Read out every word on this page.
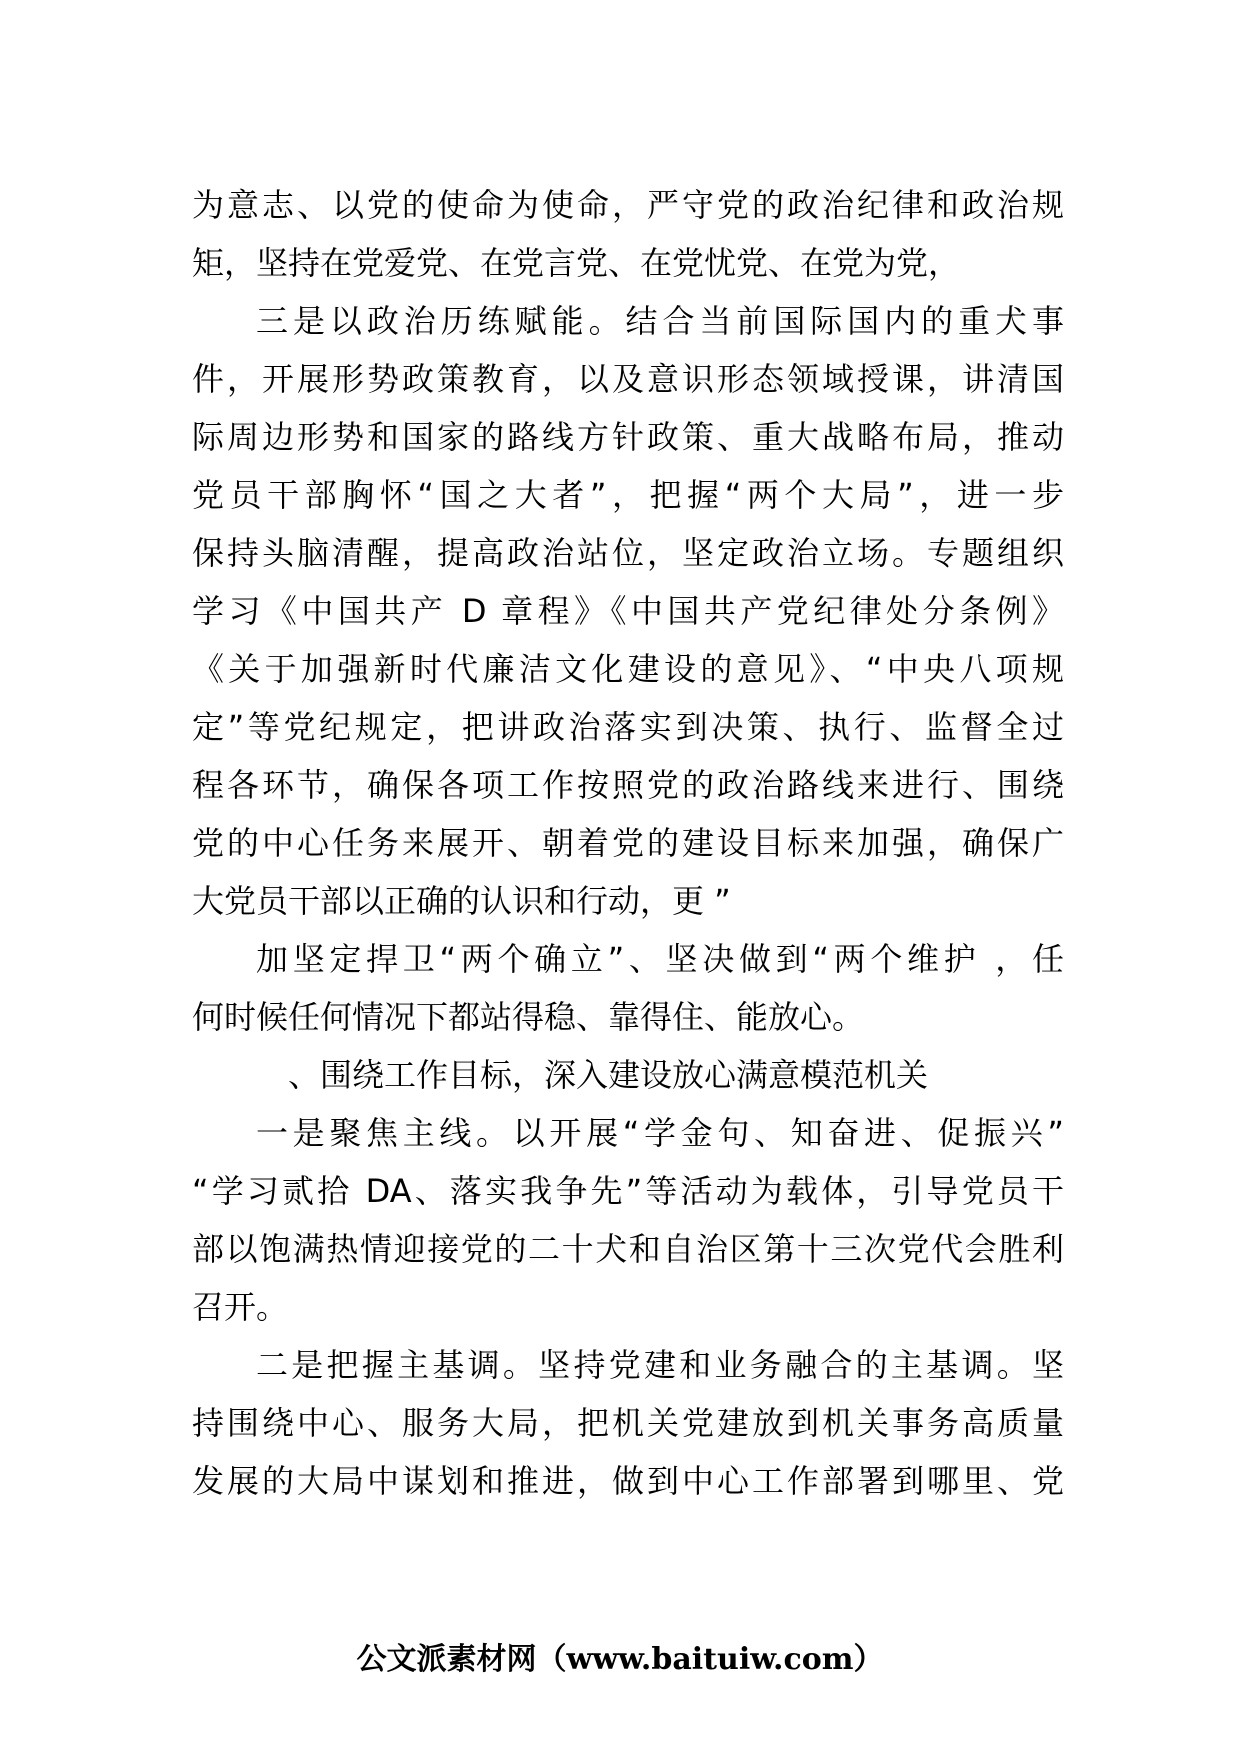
为意志、以党的使命为使命，严守党的政治纪律和政治规
矩，坚持在党爱党、在党言党、在党忧党、在党为党，
三是以政治历练赋能。结合当前国际国内的重犬事
件，开展形势政策教育，以及意识形态领域授课，讲清国
际周边形势和国家的路线方针政策、重大战略布局，推动
党员干部胸怀“国之大者”，把握“两个大局”，进一步
保持头脑清醒，提高政治站位，坚定政治立场。专题组织
学习《中国共产 D 章程》《中国共产党纪律处分条例》
《关于加强新时代廉洁文化建设的意见》、“中央八项规
定”等党纪规定，把讲政治落实到决策、执行、监督全过
程各环节，确保各项工作按照党的政治路线来进行、围绕
党的中心任务来展开、朝着党的建设目标来加强，确保广
大党员干部以正确的认识和行动，更 ”
加坚定捍卫“两个确立”、坚决做到“两个维护 ，任
何时候任何情况下都站得稳、靠得住、能放心。
、围绕工作目标，深入建设放心满意模范机关
一是聚焦主线。以开展“学金句、知奋进、促振兴”
“学习贰拾 DA、落实我争先”等活动为载体，引导党员干
部以饱满热情迎接党的二十犬和自治区第十三次党代会胜利
召开。
二是把握主基调。坚持党建和业务融合的主基调。坚
持围绕中心、服务大局，把机关党建放到机关事务高质量
发展的大局中谋划和推进，做到中心工作部署到哪里、党
公文派素材网（www.baituiw.com）
